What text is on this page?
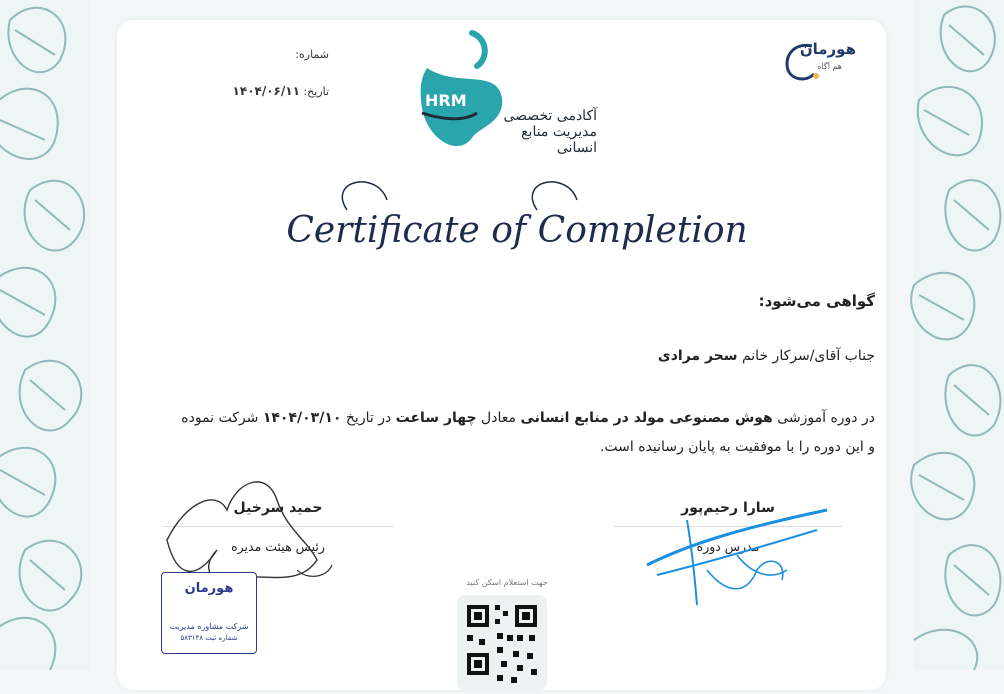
شماره:
تاریخ: ۱۴۰۴/۰۶/۱۱	HRM
آکادمی تخصصی
مدیریت منابع انسانی
هورمان
هم آگاه
Certificate of Completion
گواهی می‌شود:
جناب آقای/سرکار خانم سحر مرادی
در دوره آموزشی هوش مصنوعی مولد در منابع انسانی معادل چهار ساعت در تاریخ ۱۴۰۴/۰۳/۱۰ شرکت نموده
و این دوره را با موفقیت به پایان رسانیده است.
حمید سرخیل
رئیس هیئت مدیره
سارا رحیم‌پور
مدرس دوره
هورمان
شرکت مشاوره مدیریت
شماره ثبت ۵۸۳۱۴۸
جهت استعلام اسکن کنید
